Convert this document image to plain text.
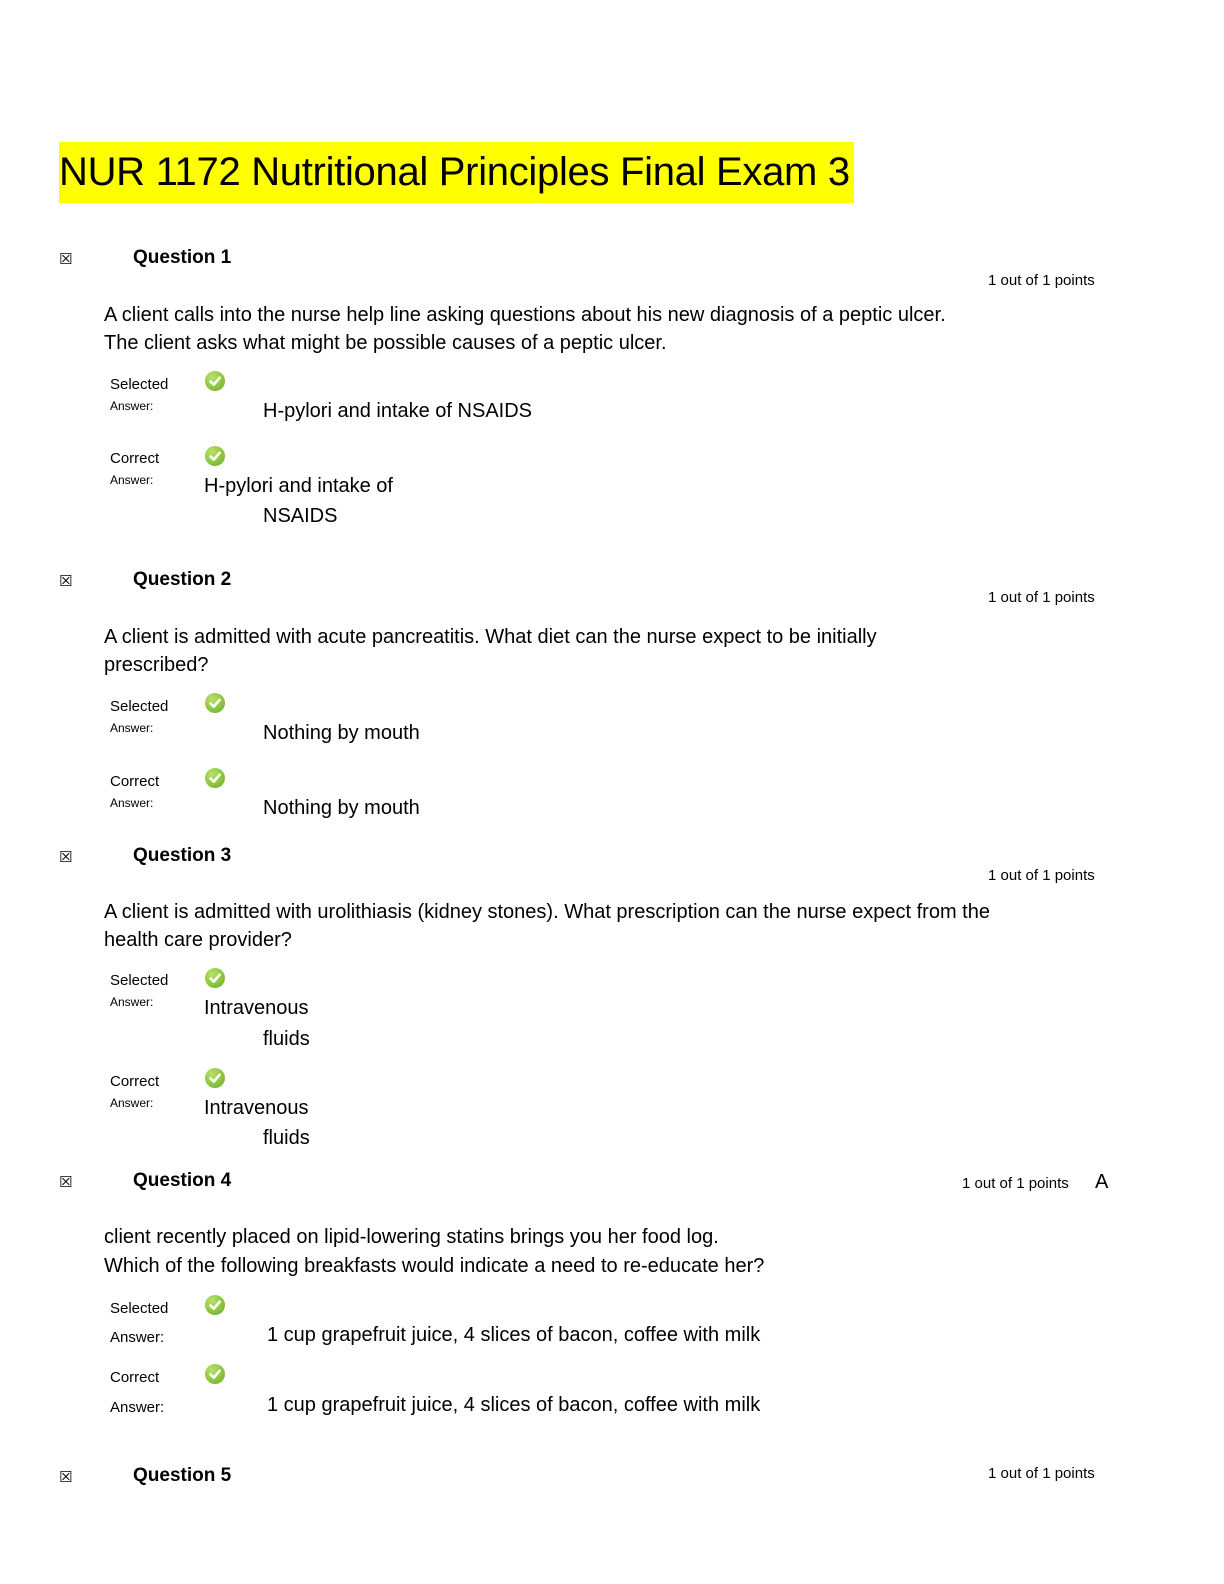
NUR 1172 Nutritional Principles Final Exam 3
☒	Question 1
1 out of 1 points
A client calls into the nurse help line asking questions about his new diagnosis of a peptic ulcer. The client asks what might be possible causes of a peptic ulcer.
Selected
Answer:	H-pylori and intake of NSAIDS
Correct
Answer:	H-pylori and intake of
NSAIDS
☒	Question 2
1 out of 1 points
A client is admitted with acute pancreatitis. What diet can the nurse expect to be initially prescribed?
Selected
Answer:	Nothing by mouth
Correct
Answer:	Nothing by mouth
☒	Question 3
1 out of 1 points
A client is admitted with urolithiasis (kidney stones). What prescription can the nurse expect from the health care provider?
Selected
Answer:	Intravenous
fluids
Correct
Answer:	Intravenous
fluids
☒	Question 4	1 out of 1 points A
client recently placed on lipid-lowering statins brings you her food log.
Which of the following breakfasts would indicate a need to re-educate her?
Selected
Answer:	1 cup grapefruit juice, 4 slices of bacon, coffee with milk
Correct
Answer:	1 cup grapefruit juice, 4 slices of bacon, coffee with milk
☒	Question 5	1 out of 1 points
